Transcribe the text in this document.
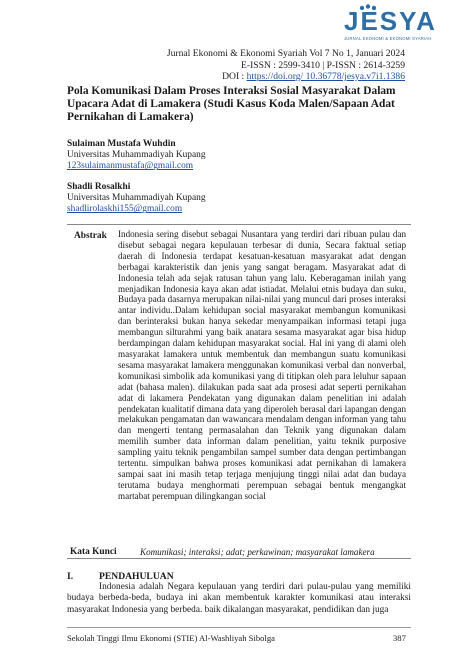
JESYA
JURNAL EKONOMI & EKONOMI SYARIAH
Jurnal Ekonomi & Ekonomi Syariah Vol 7 No 1, Januari 2024
E-ISSN : 2599-3410 | P-ISSN : 2614-3259
DOI : https://doi.org/ 10.36778/jesya.v7i1.1386
Pola Komunikasi Dalam Proses Interaksi Sosial Masyarakat Dalam Upacara Adat di Lamakera (Studi Kasus Koda Malen/Sapaan Adat Pernikahan di Lamakera)
Sulaiman Mustafa Wuhdin
Universitas Muhammadiyah Kupang
123sulaimanmustafa@gmail.com
Shadli Rosalkhi
Universitas Muhammadiyah Kupang
shadlirolaskhi155@gmail.com
Abstrak Indonesia sering disebut sebagai Nusantara yang terdiri dari ribuan pulau dan disebut sebagai negara kepulauan terbesar di dunia, Secara faktual setiap daerah di Indonesia terdapat kesatuan-kesatuan masyarakat adat dengan berbagai karakteristik dan jenis yang sangat beragam. Masyarakat adat di Indonesia telah ada sejak ratusan tahun yang lalu. Keberagaman inilah yang menjadikan Indonesia kaya akan adat istiadat. Melalui etnis budaya dan suku, Budaya pada dasarnya merupakan nilai-nilai yang muncul dari proses interaksi antar individu..Dalam kehidupan social masyarakat membangun komunikasi dan berinteraksi bukan hanya sekedar menyampaikan informasi tetapi juga membangun silturahmi yang baik anatara sesama masyarakat agar bisa hidup berdampingan dalam kehidupan masyarakat social. Hal ini yang di alami oleh masyarakat lamakera untuk membentuk dan membangun suatu komunikasi sesama masyarakat lamakera menggunakan komunikasi verbal dan nonverbal, komunikasi simbolik ada komunikasi yang di titipkan oleh para leluhur sapaan adat (bahasa malen). dilakukan pada saat ada prosesi adat seperti pernikahan adat di lakamera Pendekatan yang digunakan dalam penelitian ini adalah pendekatan kualitatif dimana data yang diperoleh berasal dari lapangan dengan melakukan pengamatan dan wawancara mendalam dengan informan yang tahu dan mengerti tentang permasalahan dan Teknik yang digunakan dalam memilih sumber data informan dalam penelitian, yaitu teknik purposive sampling yaitu teknik pengambilan sampel sumber data dengan pertimbangan tertentu. simpulkan bahwa proses komunikasi adat pernikahan di lamakera sampai saat ini masih tetap terjaga menjujung tinggi nilai adat dan budaya terutama budaya menghormati perempuan sebagai bentuk mengangkat martabat perempuan dilingkangan social
Kata Kunci	Komunikasi; interaksi; adat; perkawinan; masyarakat lamakera
I.	PENDAHULUAN
Indonesia adalah Negara kepulauan yang terdiri dari pulau-pulau yang memiliki budaya berbeda-beda, budaya ini akan membentuk karakter komunikasi atau interaksi masyarakat Indonesia yang berbeda. baik dikalangan masyarakat, pendidikan dan juga
Sekolah Tinggi Ilmu Ekonomi (STIE) Al-Washliyah Sibolga	387
